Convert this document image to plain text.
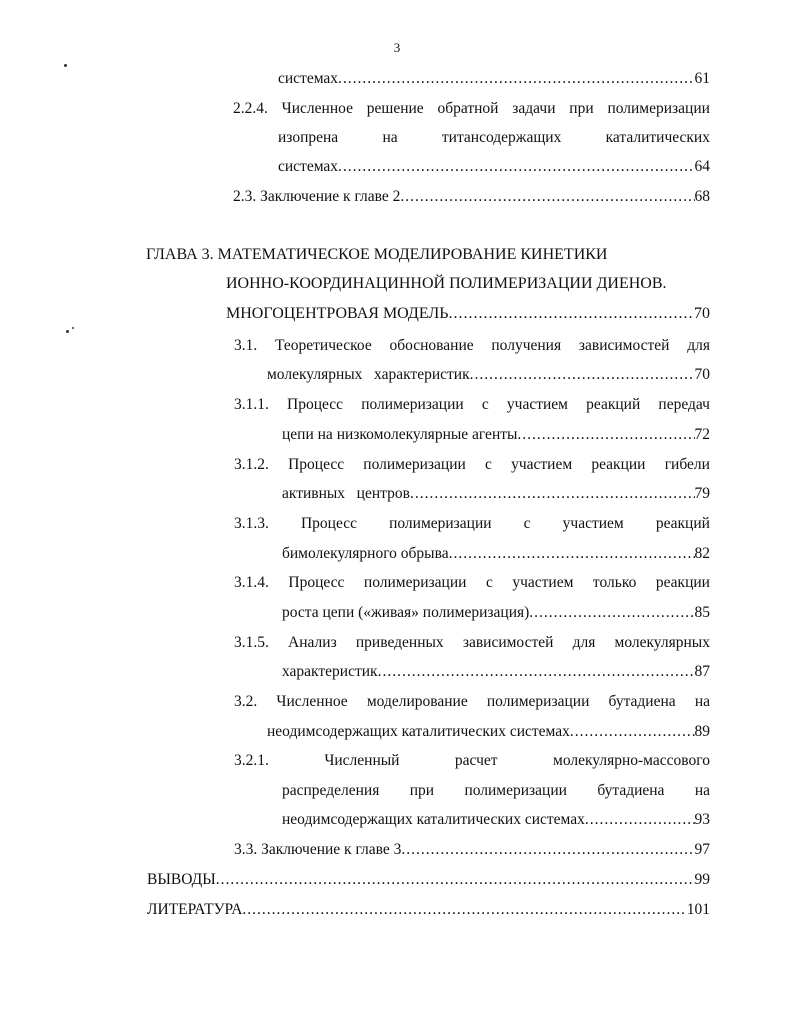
3
системах .....	61
2.2.4. Численное решение обратной задачи при полимеризации
изопрена	на	титансодержащих	каталитических
системах .....	64
2.3. Заключение к главе 2 .....	68
ГЛАВА 3. МАТЕМАТИЧЕСКОЕ МОДЕЛИРОВАНИЕ КИНЕТИКИ
ИОННО-КООРДИНАЦИННОЙ ПОЛИМЕРИЗАЦИИ ДИЕНОВ.
МНОГОЦЕНТРОВАЯ МОДЕЛЬ .....	70
3.1. Теоретическое обоснование получения зависимостей для
молекулярных   характеристик .....	70
3.1.1. Процесс полимеризации с участием реакций передач
цепи на низкомолекулярные агенты .....	72
3.1.2. Процесс полимеризации с участием реакции гибели
активных   центров .....	79
3.1.3. Процесс полимеризации с участием реакций
бимолекулярного обрыва .....	82
3.1.4. Процесс полимеризации с участием только реакции
роста цепи («живая» полимеризация) .....	85
3.1.5. Анализ приведенных зависимостей для молекулярных
характеристик .....	87
3.2. Численное моделирование полимеризации бутадиена на
неодимсодержащих каталитических системах .....	89
3.2.1.	Численный	расчет	молекулярно-массового
распределения при полимеризации бутадиена на
неодимсодержащих каталитических системах .....	93
3.3. Заключение к главе 3 .....	97
ВЫВОДЫ .....	99
ЛИТЕРАТУРА .....	101
